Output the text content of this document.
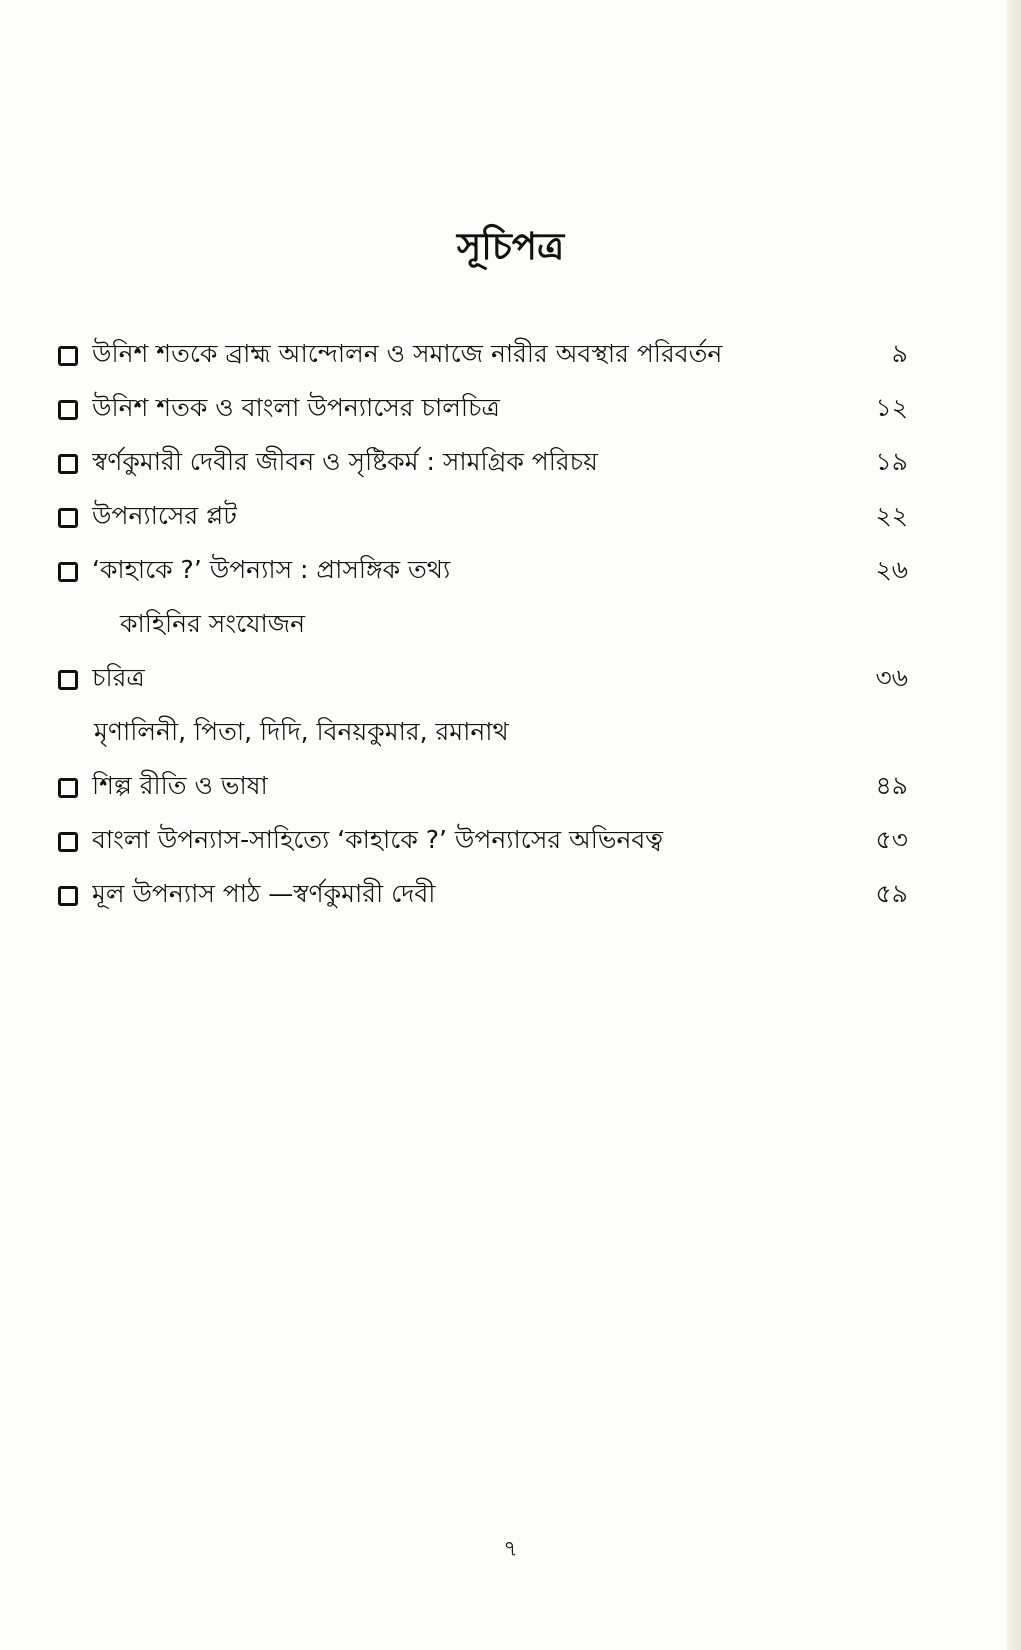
সূচিপত্র
উনিশ শতকে ব্রাহ্ম আন্দোলন ও সমাজে নারীর অবস্থার পরিবর্তন	৯
উনিশ শতক ও বাংলা উপন্যাসের চালচিত্র	১২
স্বর্ণকুমারী দেবীর জীবন ও সৃষ্টিকর্ম : সামগ্রিক পরিচয়	১৯
উপন্যাসের প্লট	২২
‘কাহাকে ?’ উপন্যাস : প্রাসঙ্গিক তথ্য	২৬
কাহিনির সংযোজন
চরিত্র	৩৬
মৃণালিনী, পিতা, দিদি, বিনয়কুমার, রমানাথ
শিল্প রীতি ও ভাষা	৪৯
বাংলা উপন্যাস-সাহিত্যে ‘কাহাকে ?’ উপন্যাসের অভিনবত্ব	৫৩
মূল উপন্যাস পাঠ —স্বর্ণকুমারী দেবী	৫৯
৭
